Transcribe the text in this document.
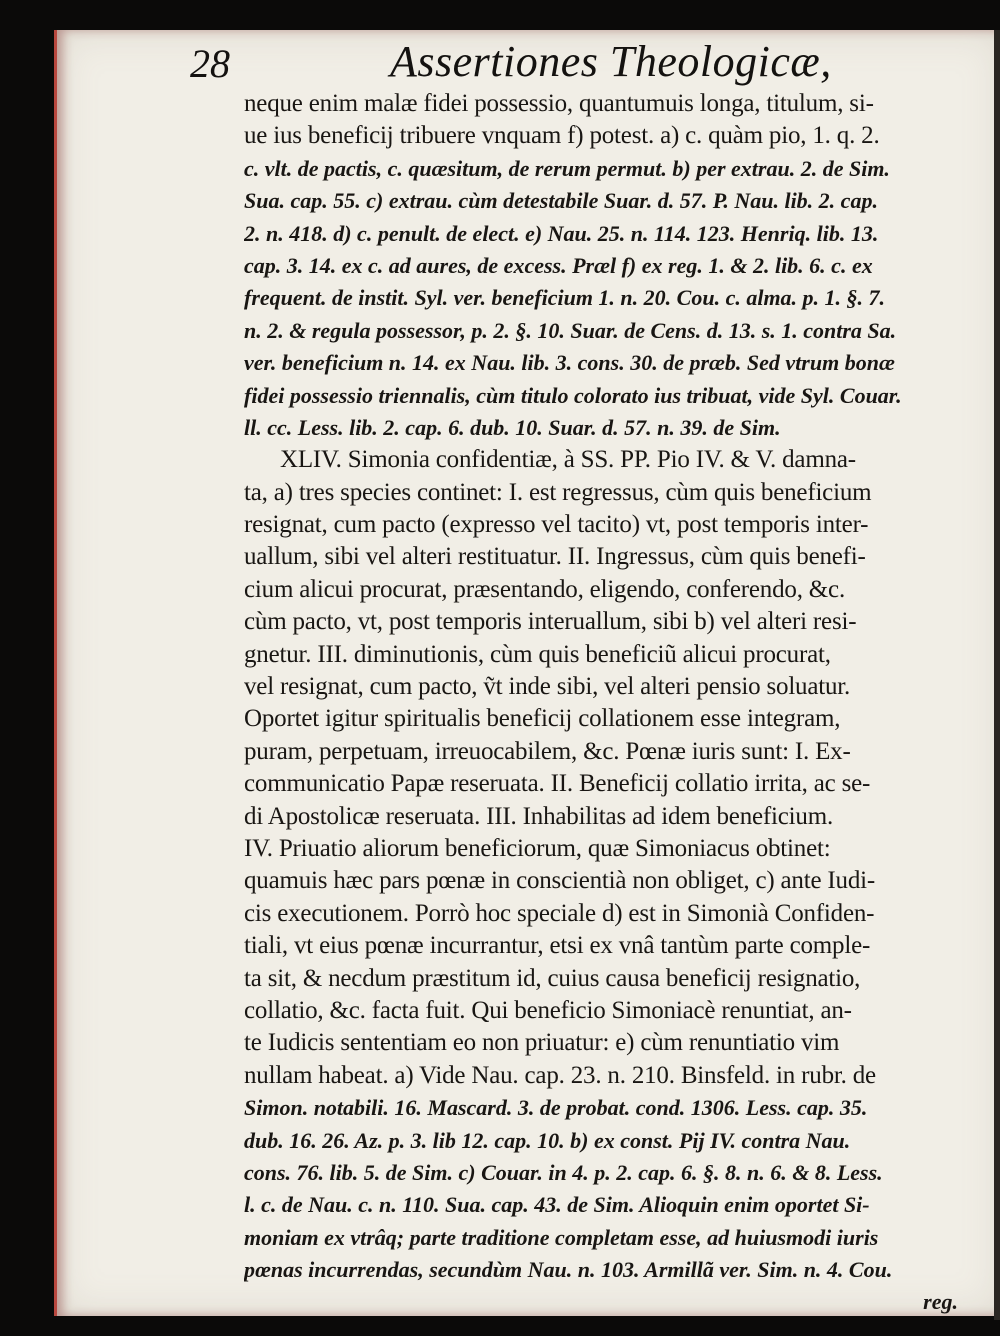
28	Assertiones Theologicæ,
neque enim malæ fidei possessio, quantumuis longa, titulum, si-
ue ius beneficij tribuere vnquam f) potest. a) c. quàm pio, 1. q. 2.
c. vlt. de pactis, c. quæsitum, de rerum permut. b) per extrau. 2. de Sim.
Sua. cap. 55. c) extrau. cùm detestabile Suar. d. 57. P. Nau. lib. 2. cap.
2. n. 418. d) c. penult. de elect. e) Nau. 25. n. 114. 123. Henriq. lib. 13.
cap. 3. 14. ex c. ad aures, de excess. Præl f) ex reg. 1. & 2. lib. 6. c. ex
frequent. de instit. Syl. ver. beneficium 1. n. 20. Cou. c. alma. p. 1. §. 7.
n. 2. & regula possessor, p. 2. §. 10. Suar. de Cens. d. 13. s. 1. contra Sa.
ver. beneficium n. 14. ex Nau. lib. 3. cons. 30. de præb. Sed vtrum bonæ
fidei possessio triennalis, cùm titulo colorato ius tribuat, vide Syl. Couar.
ll. cc. Less. lib. 2. cap. 6. dub. 10. Suar. d. 57. n. 39. de Sim.
XLIV. Simonia confidentiæ, à SS. PP. Pio IV. & V. damna-
ta, a) tres species continet: I. est regressus, cùm quis beneficium
resignat, cum pacto (expresso vel tacito) vt, post temporis inter-
uallum, sibi vel alteri restituatur. II. Ingressus, cùm quis benefi-
cium alicui procurat, præsentando, eligendo, conferendo, &c.
cùm pacto, vt, post temporis interuallum, sibi b) vel alteri resi-
gnetur. III. diminutionis, cùm quis beneficiũ alicui procurat,
vel resignat, cum pacto, ṽt inde sibi, vel alteri pensio soluatur.
Oportet igitur spiritualis beneficij collationem esse integram,
puram, perpetuam, irreuocabilem, &c. Pœnæ iuris sunt: I. Ex-
communicatio Papæ reseruata. II. Beneficij collatio irrita, ac se-
di Apostolicæ reseruata. III. Inhabilitas ad idem beneficium.
IV. Priuatio aliorum beneficiorum, quæ Simoniacus obtinet:
quamuis hæc pars pœnæ in conscientià non obliget, c) ante Iudi-
cis executionem. Porrò hoc speciale d) est in Simonià Confiden-
tiali, vt eius pœnæ incurrantur, etsi ex vnâ tantùm parte comple-
ta sit, & necdum præstitum id, cuius causa beneficij resignatio,
collatio, &c. facta fuit. Qui beneficio Simoniacè renuntiat, an-
te Iudicis sententiam eo non priuatur: e) cùm renuntiatio vim
nullam habeat. a) Vide Nau. cap. 23. n. 210. Binsfeld. in rubr. de
Simon. notabili. 16. Mascard. 3. de probat. cond. 1306. Less. cap. 35.
dub. 16. 26. Az. p. 3. lib 12. cap. 10. b) ex const. Pij IV. contra Nau.
cons. 76. lib. 5. de Sim. c) Couar. in 4. p. 2. cap. 6. §. 8. n. 6. & 8. Less.
l. c. de Nau. c. n. 110. Sua. cap. 43. de Sim. Alioquin enim oportet Si-
moniam ex vtrâq; parte traditione completam esse, ad huiusmodi iuris
pœnas incurrendas, secundùm Nau. n. 103. Armillã ver. Sim. n. 4. Cou.
reg.
